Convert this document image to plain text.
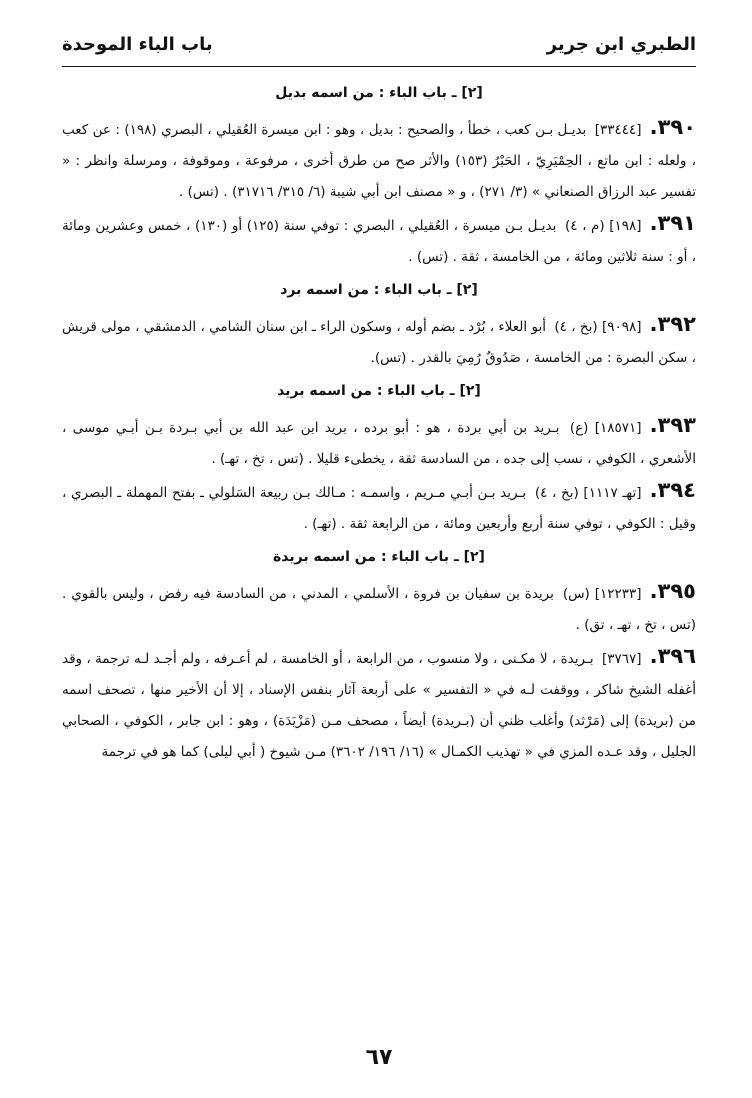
الطبري ابن جرير
باب الباء الموحدة
[٢] ـ باب الباء : من اسمه بديل

٣٩٠.[٣٣٤٤٤] بديـل بـن كعب ، خطأ ، والصحيح : بديل ، وهو : ابن ميسرة العُقيلي ، البصري (١٩٨) : عن كعب ، ولعله : ابن ماتع ، الحِمْيَرِيّ ، الحَبْرُ (١٥٣) والأثر صح من طرق أخرى ، مرفوعة ، وموقوفة ، ومرسلة وانظر : « تفسير عبد الرزاق الصنعاني » (٣/ ٢٧١) ، و « مصنف ابن أبي شيبة (٦/ ٣١٥/ ٣١٧١٦) . (تس) .

٣٩١.[١٩٨] (م ، ٤) بديـل بـن ميسرة ، العُقيلي ، البصري : توفي سنة (١٢٥) أو (١٣٠) ، خمس وعشرين ومائة ، أو : سنة ثلاثين ومائة ، من الخامسة ، ثقة . (تس) .

[٢] ـ باب الباء : من اسمه برد

٣٩٢.[٩٠٩٨] (بخ ، ٤) أبو العلاء ، بُرْد ـ بضم أوله ، وسكون الراء ـ ابن سنان الشامي ، الدمشقي ، مولى قريش ، سكن البصرة : من الخامسة ، صَدُوقٌ رُمِيَ بالقدر . (تس).

[٢] ـ باب الباء : من اسمه بريد

٣٩٣.[١٨٥٧١] (ع) بـريد بن أبي بردة ، هو : أبو برده ، بريد ابن عبد الله بن أبي بـردة بـن أبـي موسى ، الأشعري ، الكوفي ، نسب إلى جده ، من السادسة ثقة ، يخطىء قليلا . (تس ، تخ ، تهـ) .

٣٩٤.[تهـ ١١١٧] (بخ ، ٤) بـريد بـن أبـي مـريم ، واسمـه : مـالك بـن ربيعة السَلولي ـ بفتح المهملة ـ البصري ، وقيل : الكوفي ، توفي سنة أربع وأربعين ومائة ، من الرابعة ثقة . (تهـ) .

[٢] ـ باب الباء : من اسمه بريدة

٣٩٥.[١٢٢٣٣] (س) بريدة بن سفيان بن فروة ، الأسلمي ، المدني ، من السادسة فيه رفض ، وليس بالقوي . (تس ، تخ ، تهـ ، تق) .

٣٩٦.[٣٧٦٧] بـريدة ، لا مكـنى ، ولا منسوب ، من الرابعة ، أو الخامسة ، لم أعـرفه ، ولم أجـد لـه ترجمة ، وقد أغفله الشيخ شاكر ، ووقفت لـه في « التفسير » على أربعة آثار بنفس الإسناد ، إلا أن الأخير منها ، تصحف اسمه من (بريدة) إلى (مَرْثد) وأغلب ظني أن (بـريدة) أيضاً ، مصحف مـن (مَزْيَدَة) ، وهو : ابن جابر ، الكوفي ، الصحابي الجليل ، وقد عـده المزي في « تهذيب الكمـال » (١٦/ ١٩٦/ ٣٦٠٢) مـن شيوخ ( أبي ليلى) كما هو في ترجمة

٦٧
